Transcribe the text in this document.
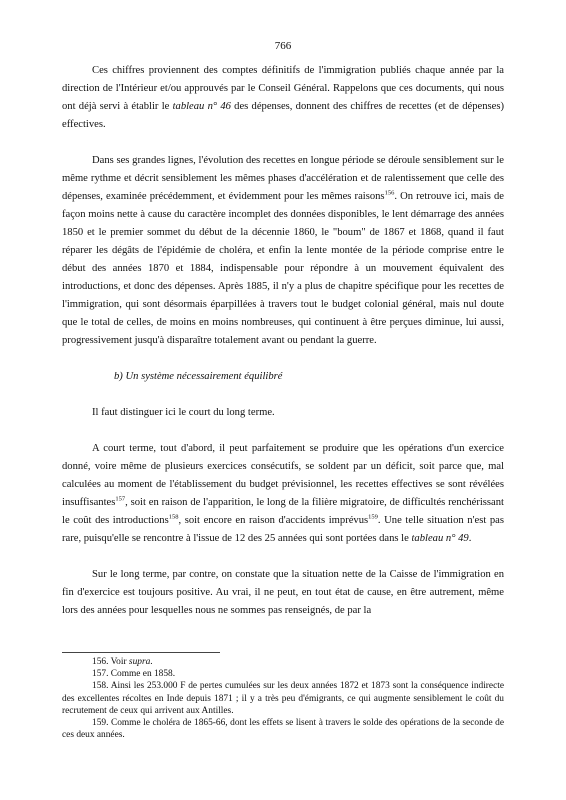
766

Ces chiffres proviennent des comptes définitifs de l'immigration publiés chaque année par la direction de l'Intérieur et/ou approuvés par le Conseil Général. Rappelons que ces documents, qui nous ont déjà servi à établir le tableau n° 46 des dépenses, donnent des chiffres de recettes (et de dépenses) effectives.

Dans ses grandes lignes, l'évolution des recettes en longue période se déroule sensiblement sur le même rythme et décrit sensiblement les mêmes phases d'accélération et de ralentissement que celle des dépenses, examinée précédemment, et évidemment pour les mêmes raisons$^{156}$. On retrouve ici, mais de façon moins nette à cause du caractère incomplet des données disponibles, le lent démarrage des années 1850 et le premier sommet du début de la décennie 1860, le "boum" de 1867 et 1868, quand il faut réparer les dégâts de l'épidémie de choléra, et enfin la lente montée de la période comprise entre le début des années 1870 et 1884, indispensable pour répondre à un mouvement équivalent des introductions, et donc des dépenses. Après 1885, il n'y a plus de chapitre spécifique pour les recettes de l'immigration, qui sont désormais éparpillées à travers tout le budget colonial général, mais nul doute que le total de celles, de moins en moins nombreuses, qui continuent à être perçues diminue, lui aussi, progressivement jusqu'à disparaître totalement avant ou pendant la guerre.

b) Un système nécessairement équilibré

Il faut distinguer ici le court du long terme.

A court terme, tout d'abord, il peut parfaitement se produire que les opérations d'un exercice donné, voire même de plusieurs exercices consécutifs, se soldent par un déficit, soit parce que, mal calculées au moment de l'établissement du budget prévisionnel, les recettes effectives se sont révélées insuffisantes$^{157}$, soit en raison de l'apparition, le long de la filière migratoire, de difficultés renchérissant le coût des introductions$^{158}$, soit encore en raison d'accidents imprévus$^{159}$. Une telle situation n'est pas rare, puisqu'elle se rencontre à l'issue de 12 des 25 années qui sont portées dans le tableau n° 49.

Sur le long terme, par contre, on constate que la situation nette de la Caisse de l'immigration en fin d'exercice est toujours positive. Au vrai, il ne peut, en tout état de cause, en être autrement, même lors des années pour lesquelles nous ne sommes pas renseignés, de par la

156. Voir supra.

157. Comme en 1858.

158. Ainsi les 253.000 F de pertes cumulées sur les deux années 1872 et 1873 sont la conséquence indirecte des excellentes récoltes en Inde depuis 1871 ; il y a très peu d'émigrants, ce qui augmente sensiblement le coût du recrutement de ceux qui arrivent aux Antilles.

159. Comme le choléra de 1865-66, dont les effets se lisent à travers le solde des opérations de la seconde de ces deux années.
